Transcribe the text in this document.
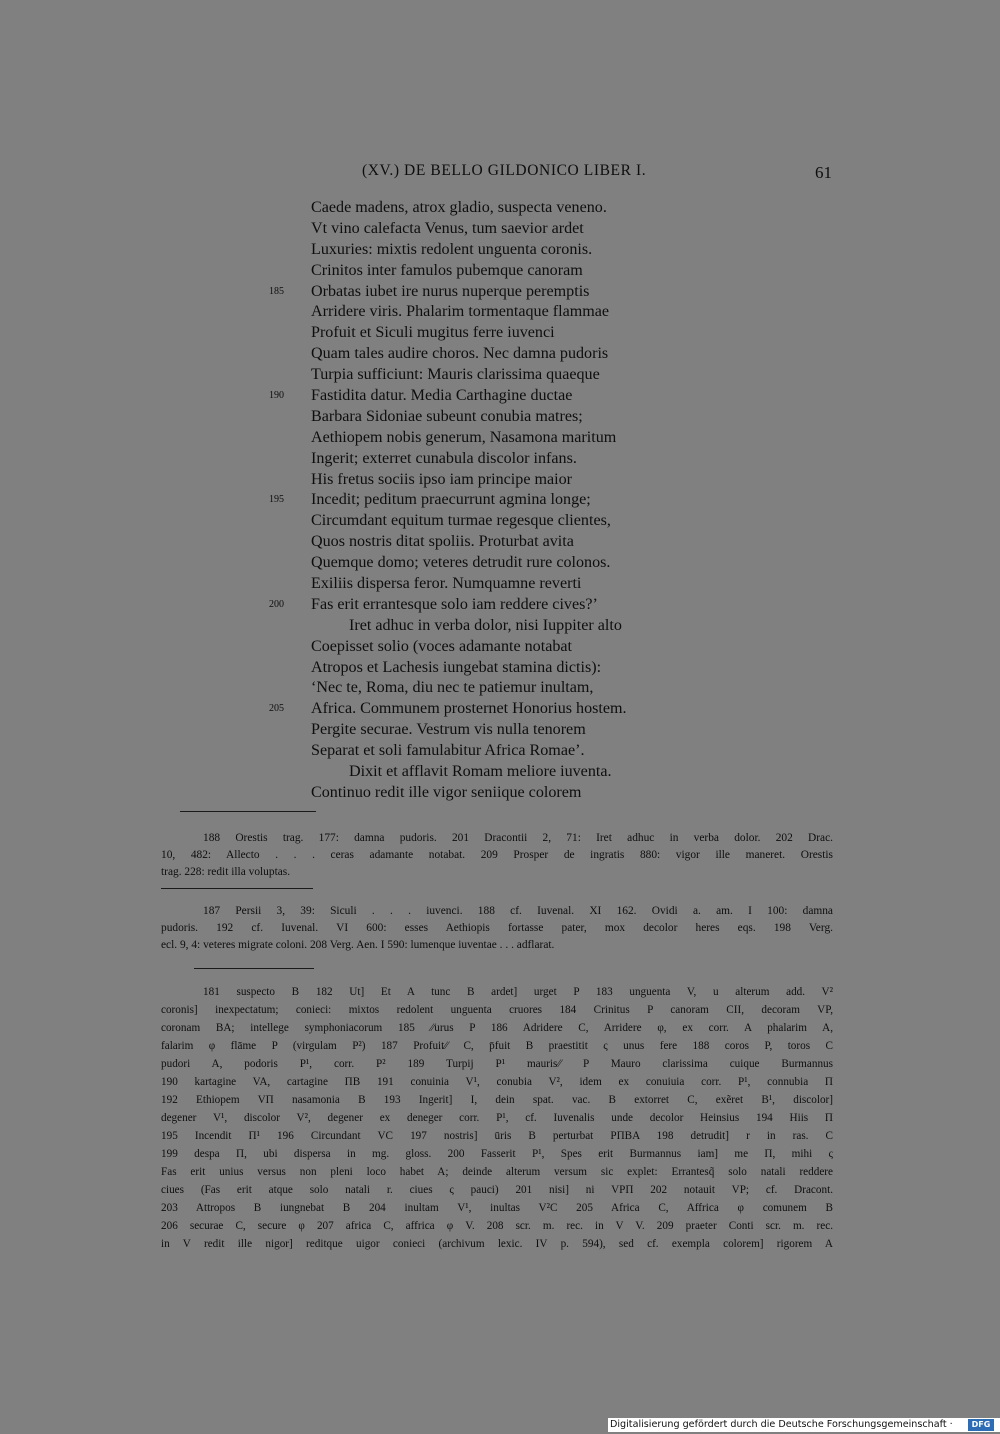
(XV.) DE BELLO GILDONICO LIBER I.	61
Caede madens, atrox gladio, suspecta veneno.
Vt vino calefacta Venus, tum saevior ardet
Luxuries: mixtis redolent unguenta coronis.
Crinitos inter famulos pubemque canoram
185 Orbatas iubet ire nurus nuperque peremptis
Arridere viris. Phalarim tormentaque flammae
Profuit et Siculi mugitus ferre iuvenci
Quam tales audire choros. Nec damna pudoris
Turpia sufficiunt: Mauris clarissima quaeque
190 Fastidita datur. Media Carthagine ductae
Barbara Sidoniae subeunt conubia matres;
Aethiopem nobis generum, Nasamona maritum
Ingerit; exterret cunabula discolor infans.
His fretus sociis ipso iam principe maior
195 Incedit; peditum praecurrunt agmina longe;
Circumdant equitum turmae regesque clientes,
Quos nostris ditat spoliis. Proturbat avita
Quemque domo; veteres detrudit rure colonos.
Exiliis dispersa feror. Numquamne reverti
200 Fas erit errantesque solo iam reddere cives?’
Iret adhuc in verba dolor, nisi Iuppiter alto
Coepisset solio (voces adamante notabat
Atropos et Lachesis iungebat stamina dictis):
‘Nec te, Roma, diu nec te patiemur inultam,
205 Africa. Communem prosternet Honorius hostem.
Pergite securae. Vestrum vis nulla tenorem
Separat et soli famulabitur Africa Romae’.
Dixit et afflavit Romam meliore iuventa.
Continuo redit ille vigor seniique colorem
188 Orestis trag. 177: damna pudoris. 201 Dracontii 2, 71: Iret adhuc in verba dolor. 202 Drac.
10, 482: Allecto . . . ceras adamante notabat. 209 Prosper de ingratis 880: vigor ille maneret. Orestis
trag. 228: redit illa voluptas.
187 Persii 3, 39: Siculi . . . iuvenci. 188 cf. Iuvenal. XI 162. Ovidi a. am. I 100: damna
pudoris. 192 cf. Iuvenal. VI 600: esses Aethiopis fortasse pater, mox decolor heres eqs. 198 Verg.
ecl. 9, 4: veteres migrate coloni. 208 Verg. Aen. I 590: lumenque iuventae . . . adflarat.
181 suspecto B 182 Ut] Et A tunc B ardet] urget P 183 unguenta V, u alterum add. V²
coronis] inexpectatum; conieci: mixtos redolent unguenta cruores 184 Crinitus P canoram CII, decoram VP,
coronam BA; intellege symphoniacorum 185 ⁄⁄urus P 186 Adridere C, Arridere φ, ex corr. A phalarim A,
falarim φ flāme P (virgulam P²) 187 Profuit⁄⁄ C, p̄fuit B praestitit ς unus fere 188 coros P, toros C
pudori A, podoris P¹, corr. P² 189 Turpij P¹ mauris⁄⁄ P Mauro clarissima cuique Burmannus
190 kartagine VA, cartagine ΠB 191 conuinia V¹, conubia V², idem ex conuiuia corr. P¹, connubia Π
192 Ethiopem VΠ nasamonia B 193 Ingerit] I, dein spat. vac. B extorret C, exẽret B¹, discolor]
degener V¹, discolor V², degener ex deneger corr. P¹, cf. Iuvenalis unde decolor Heinsius 194 Hiis Π
195 Incendit Π¹ 196 Circundant VC 197 nostris] ūris B perturbat PΠBA 198 detrudit] r in ras. C
199 despa Π, ubi dispersa in mg. gloss. 200 Fasserit P¹, Spes erit Burmannus iam] me Π, mihi ς
Fas erit unius versus non pleni loco habet A; deinde alterum versum sic explet: Errantesq̃ solo natali reddere
ciues (Fas erit atque solo natali r. ciues ς pauci) 201 nisi] ni VPΠ 202 notauit VP; cf. Dracont.
203 Attropos B iungnebat B 204 inultam V¹, inultas V²C 205 Africa C, Affrica φ comunem B
206 securae C, secure φ 207 africa C, affrica φ V. 208 scr. m. rec. in V V. 209 praeter Conti scr. m. rec.
in V redit ille nigor] reditque uigor conieci (archivum lexic. IV p. 594), sed cf. exempla colorem] rigorem A
Digitalisierung gefördert durch die Deutsche Forschungsgemeinschaft ·	DFG
